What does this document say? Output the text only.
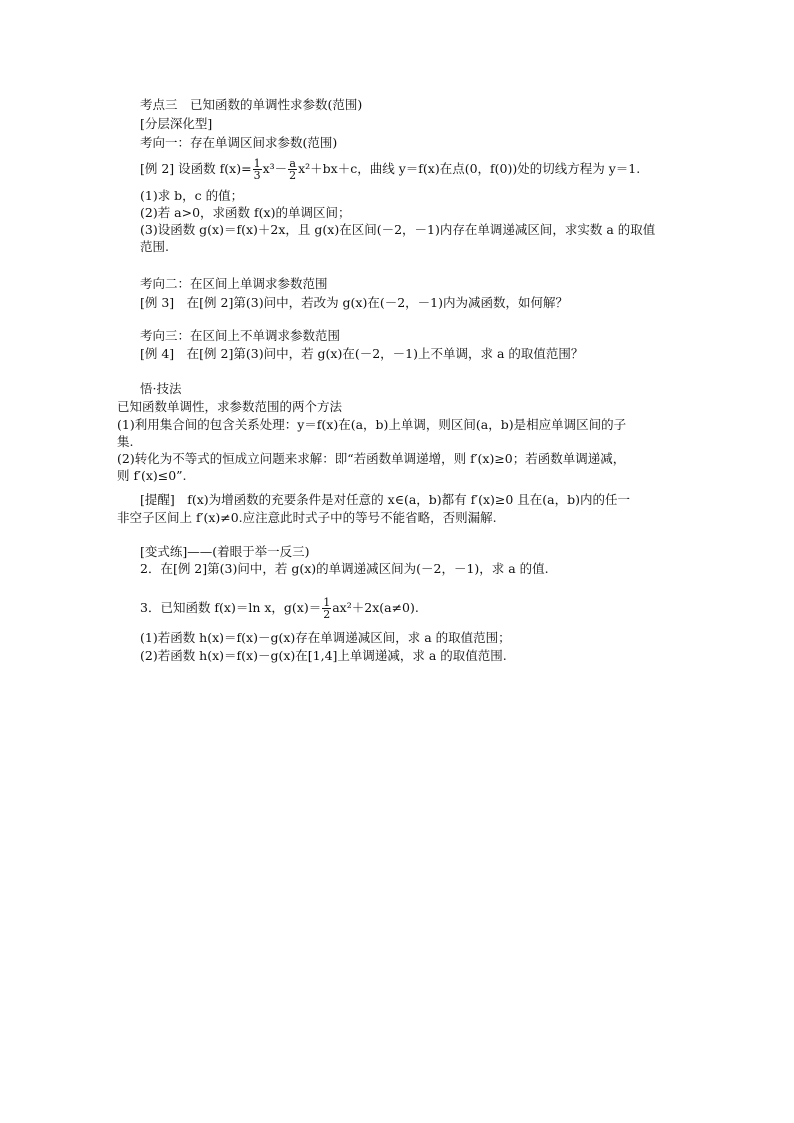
考点三　已知函数的单调性求参数(范围)
[分层深化型]
考向一：存在单调区间求参数(范围)
[例 2] 设函数 $f(x)= \frac{1}{3} x^3- \frac{a}{2} x^2+bx+c$，曲线 y＝f(x)在点(0，f(0))处的切线方程为 y＝1.
(1)求 b，c 的值；
(2)若 a>0，求函数 f(x)的单调区间；
(3)设函数 g(x)＝f(x)＋2x，且 g(x)在区间(－2，－1)内存在单调递减区间，求实数 a 的取值
范围.
考向二：在区间上单调求参数范围
[例 3]　在[例 2]第(3)问中，若改为 g(x)在(－2，－1)内为减函数，如何解？
考向三：在区间上不单调求参数范围
[例 4]　在[例 2]第(3)问中，若 g(x)在(－2，－1)上不单调，求 a 的取值范围？
悟·技法
已知函数单调性，求参数范围的两个方法
(1)利用集合间的包含关系处理：y＝f(x)在(a，b)上单调，则区间(a，b)是相应单调区间的子
集.
(2)转化为不等式的恒成立问题来求解：即“若函数单调递增，则 f′(x)≥0；若函数单调递减，
则 f′(x)≤0”.
[提醒]　f(x)为增函数的充要条件是对任意的 x∈(a，b)都有 f′(x)≥0 且在(a，b)内的任一
非空子区间上 f′(x)≠0.应注意此时式子中的等号不能省略，否则漏解.
[变式练]——(着眼于举一反三)
2．在[例 2]第(3)问中，若 g(x)的单调递减区间为(－2，－1)，求 a 的值.
3．已知函数 f(x)＝ln x，$g(x)= \frac{1}{2} ax^2+2x(a\ne 0)$.
(1)若函数 h(x)＝f(x)－g(x)存在单调递减区间，求 a 的取值范围；
(2)若函数 h(x)＝f(x)－g(x)在[1,4]上单调递减，求 a 的取值范围.
